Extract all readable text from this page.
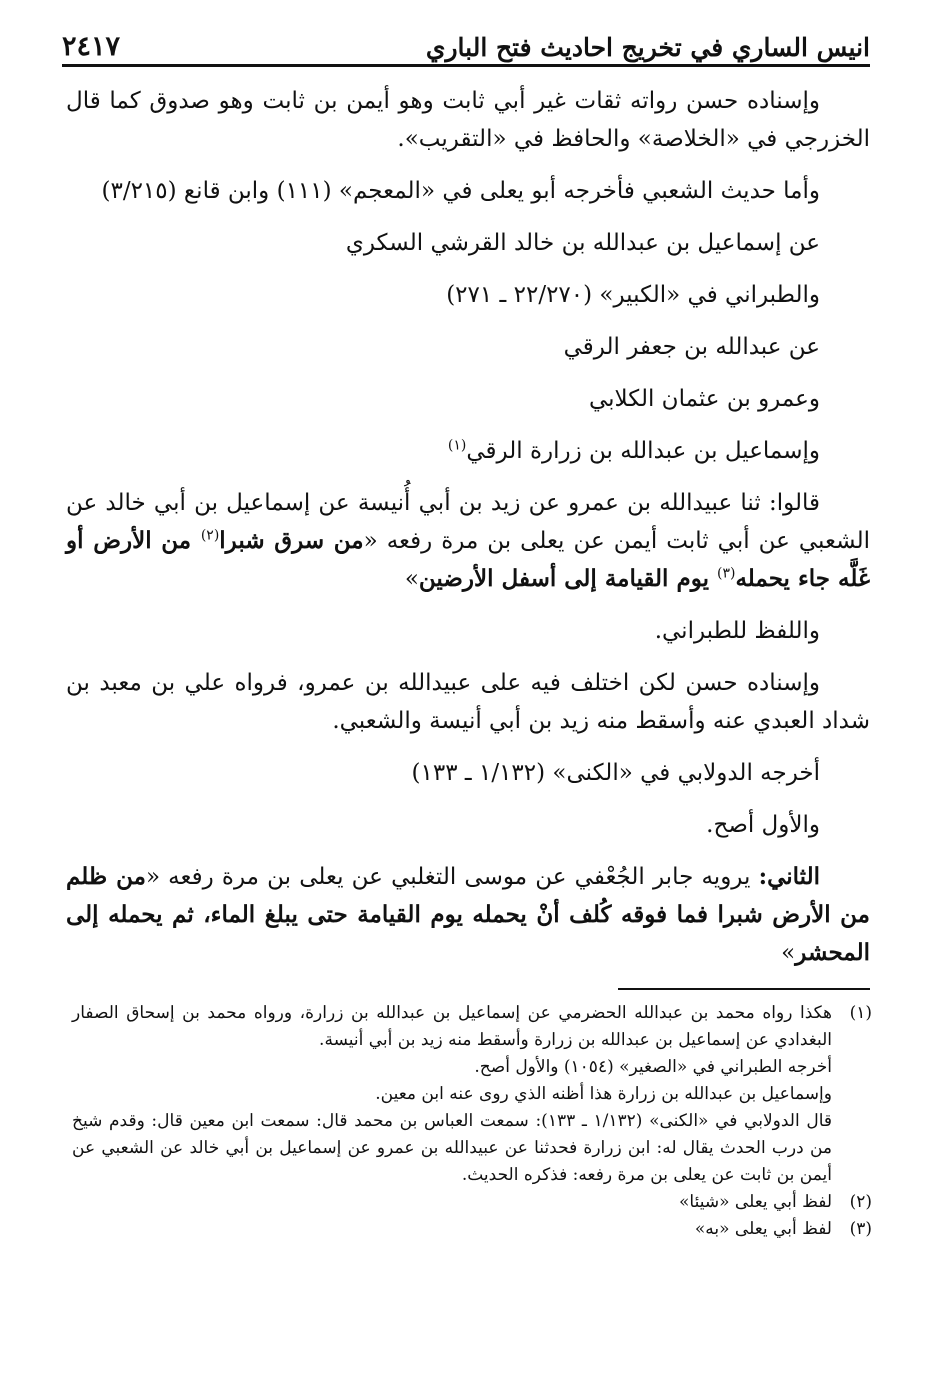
انيس الساري في تخريج احاديث فتح الباري
٢٤١٧

وإسناده حسن رواته ثقات غير أبي ثابت وهو أيمن بن ثابت وهو صدوق كما قال الخزرجي في «الخلاصة» والحافظ في «التقريب».

وأما حديث الشعبي فأخرجه أبو يعلى في «المعجم» (١١١) وابن قانع (٣/٢١٥)

عن إسماعيل بن عبدالله بن خالد القرشي السكري

والطبراني في «الكبير» (٢٢/٢٧٠ ـ ٢٧١)

عن عبدالله بن جعفر الرقي

وعمرو بن عثمان الكلابي

وإسماعيل بن عبدالله بن زرارة الرقي$^{(١)}$

قالوا: ثنا عبيدالله بن عمرو عن زيد بن أبي أُنيسة عن إسماعيل بن أبي خالد عن الشعبي عن أبي ثابت أيمن عن يعلى بن مرة رفعه «من سرق شبرا$^{(٢)}$ من الأرض أو غَلَّه جاء يحمله$^{(٣)}$ يوم القيامة إلى أسفل الأرضين»

واللفظ للطبراني.

وإسناده حسن لكن اختلف فيه على عبيدالله بن عمرو، فرواه علي بن معبد بن شداد العبدي عنه وأسقط منه زيد بن أبي أنيسة والشعبي.

أخرجه الدولابي في «الكنى» (١/١٣٢ ـ ١٣٣)

والأول أصح.

الثاني: يرويه جابر الجُعْفي عن موسى التغلبي عن يعلى بن مرة رفعه «من ظلم من الأرض شبرا فما فوقه كُلف أنْ يحمله يوم القيامة حتى يبلغ الماء، ثم يحمله إلى المحشر»

(١)
هكذا رواه محمد بن عبدالله الحضرمي عن إسماعيل بن عبدالله بن زرارة، ورواه محمد بن إسحاق الصفار البغدادي عن إسماعيل بن عبدالله بن زرارة وأسقط منه زيد بن أبي أنيسة.
أخرجه الطبراني في «الصغير» (١٠٥٤) والأول أصح.
وإسماعيل بن عبدالله بن زرارة هذا أظنه الذي روى عنه ابن معين.
قال الدولابي في «الكنى» (١/١٣٢ ـ ١٣٣): سمعت العباس بن محمد قال: سمعت ابن معين قال: وقدم شيخ من درب الحدث يقال له: ابن زرارة فحدثنا عن عبيدالله بن عمرو عن إسماعيل بن أبي خالد عن الشعبي عن أيمن بن ثابت عن يعلى بن مرة رفعه: فذكره الحديث.
(٢)
لفظ أبي يعلى «شيئا»
(٣)
لفظ أبي يعلى «به»
